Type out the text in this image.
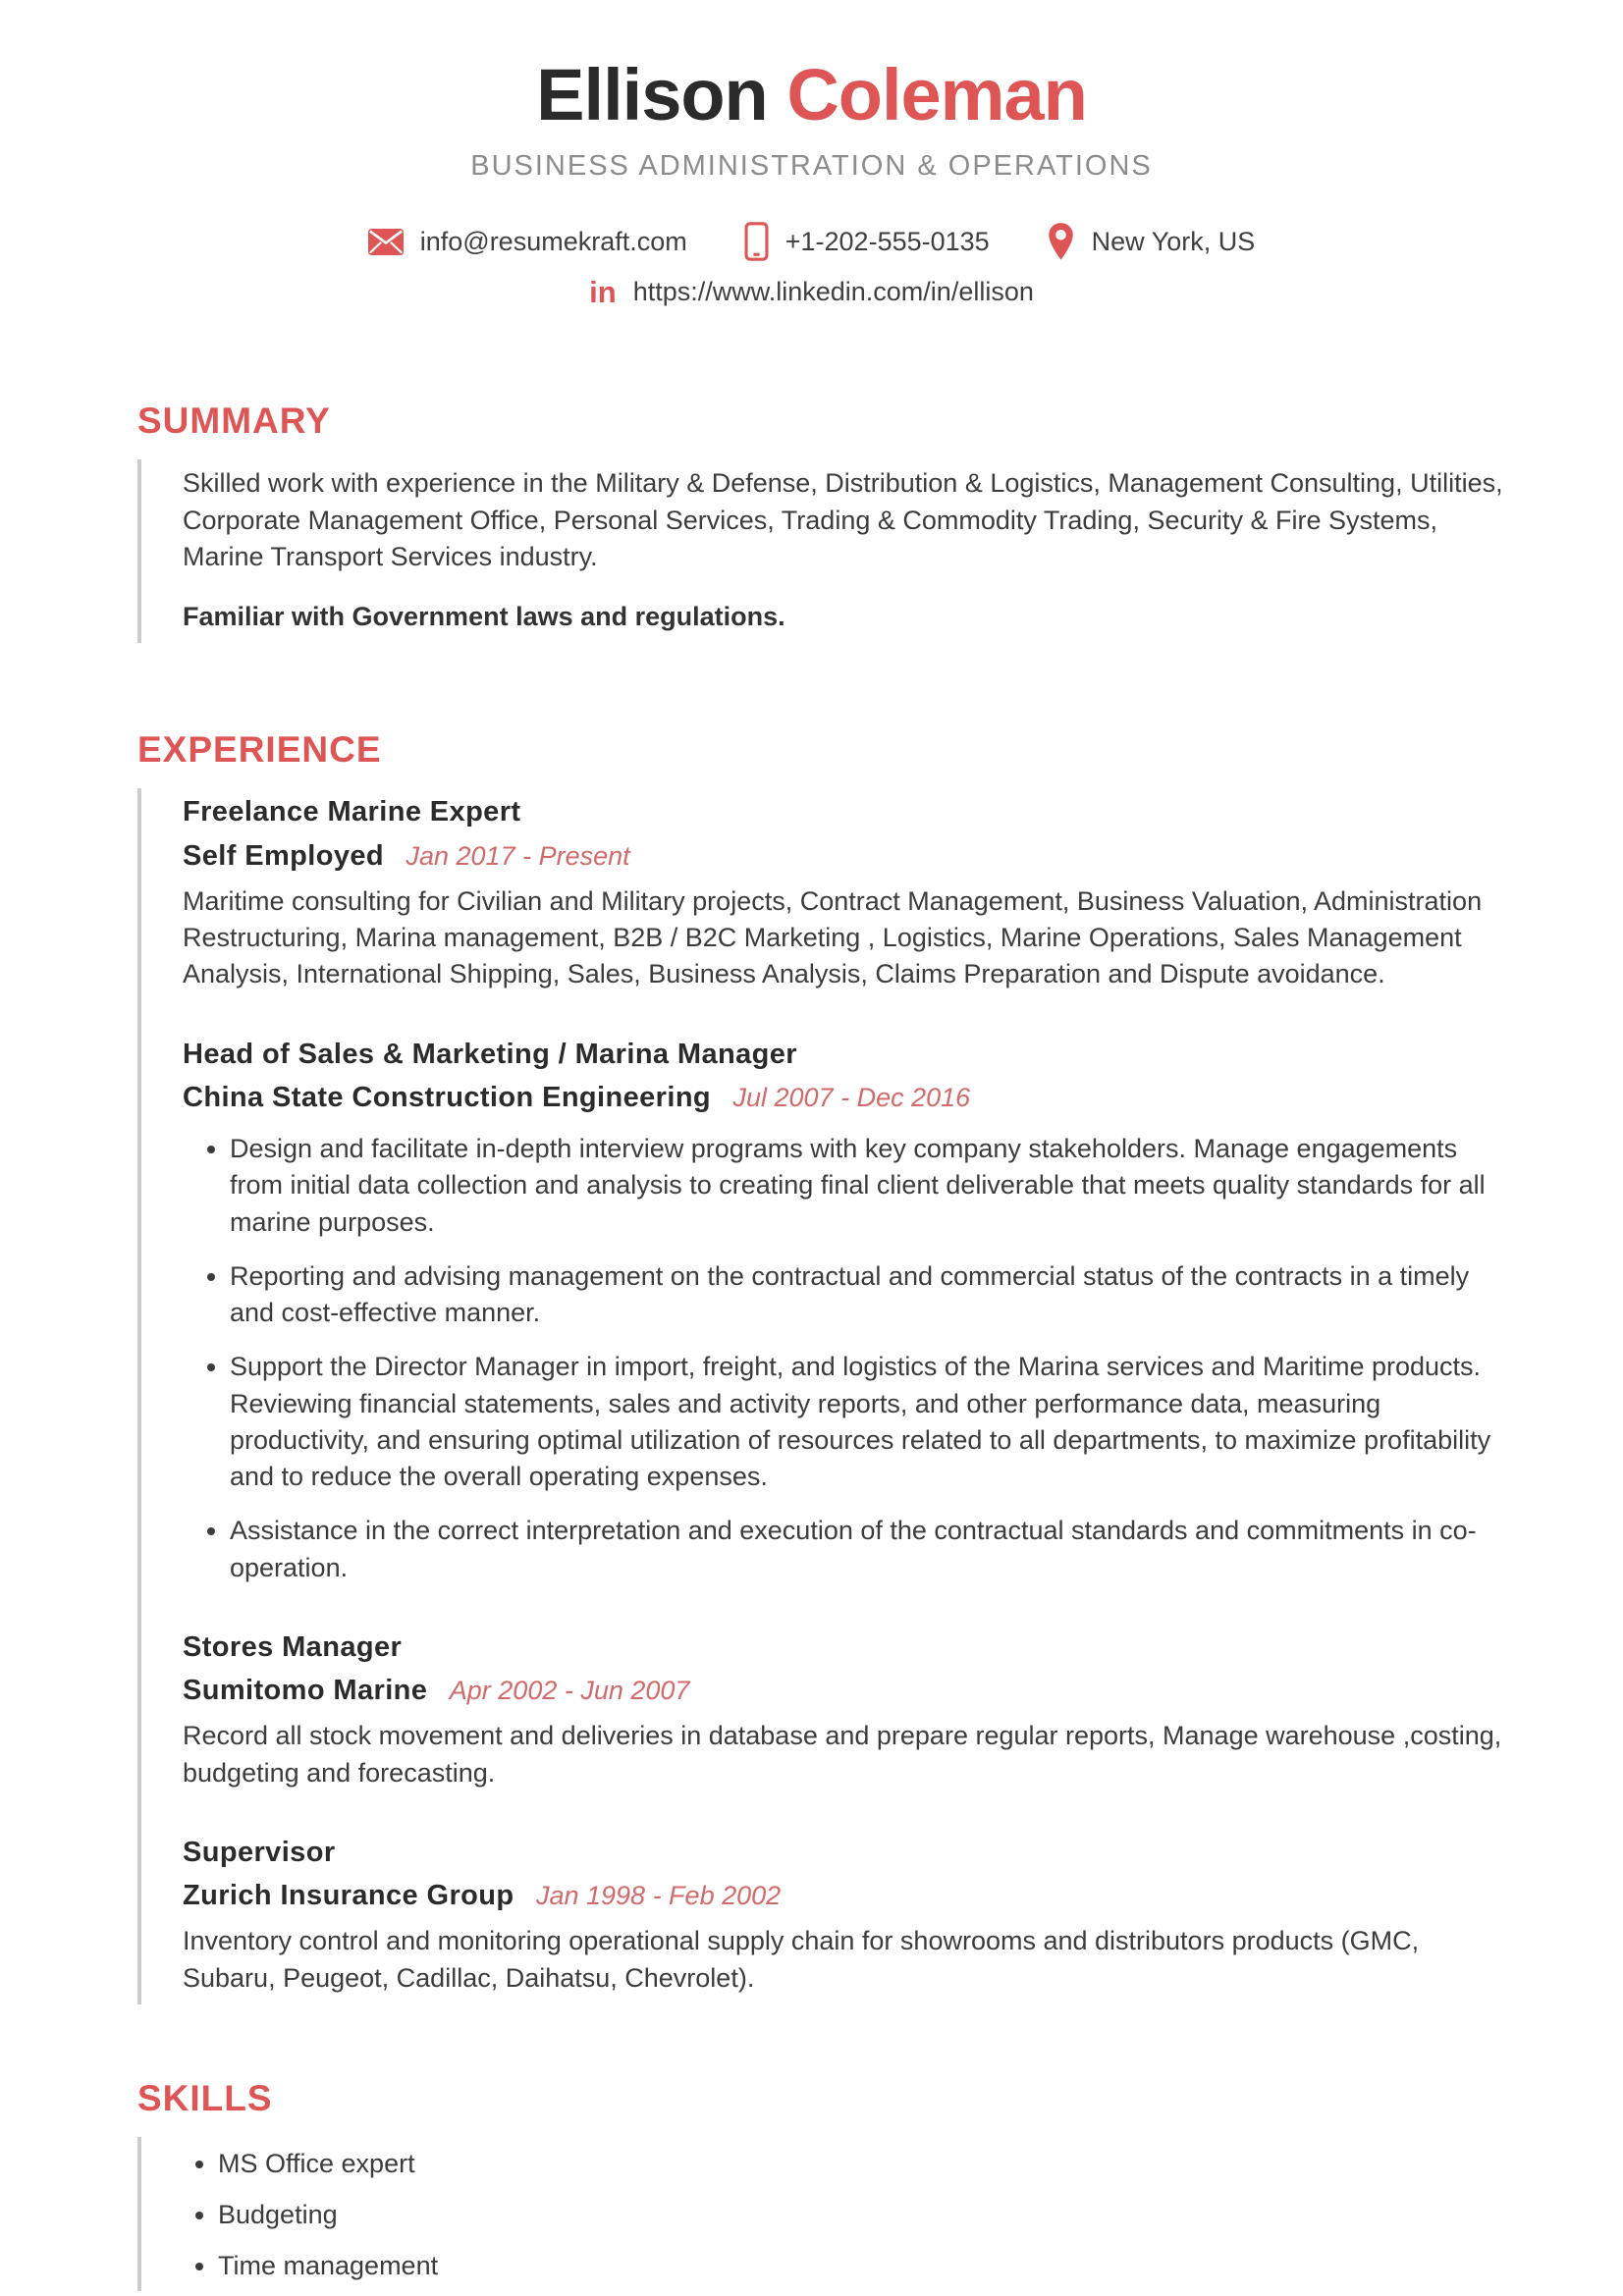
Ellison Coleman
BUSINESS ADMINISTRATION & OPERATIONS
info@resumekraft.com	+1-202-555-0135	New York, US
in https://www.linkedin.com/in/ellison
SUMMARY

Skilled work with experience in the Military & Defense, Distribution & Logistics, Management Consulting, Utilities, Corporate Management Office, Personal Services, Trading & Commodity Trading, Security & Fire Systems, Marine Transport Services industry.

Familiar with Government laws and regulations.

EXPERIENCE
Freelance Marine Expert
Self Employed Jan 2017 - Present

Maritime consulting for Civilian and Military projects, Contract Management, Business Valuation, Administration Restructuring, Marina management, B2B / B2C Marketing , Logistics, Marine Operations, Sales Management Analysis, International Shipping, Sales, Business Analysis, Claims Preparation and Dispute avoidance.

Head of Sales & Marketing / Marina Manager
China State Construction Engineering Jul 2007 - Dec 2016
• Design and facilitate in-depth interview programs with key company stakeholders. Manage engagements from initial data collection and analysis to creating final client deliverable that meets quality standards for all marine purposes.
• Reporting and advising management on the contractual and commercial status of the contracts in a timely and cost-effective manner.
• Support the Director Manager in import, freight, and logistics of the Marina services and Maritime products. Reviewing financial statements, sales and activity reports, and other performance data, measuring productivity, and ensuring optimal utilization of resources related to all departments, to maximize profitability and to reduce the overall operating expenses.
• Assistance in the correct interpretation and execution of the contractual standards and commitments in co-operation.
Stores Manager
Sumitomo Marine Apr 2002 - Jun 2007

Record all stock movement and deliveries in database and prepare regular reports, Manage warehouse ,costing, budgeting and forecasting.

Supervisor
Zurich Insurance Group Jan 1998 - Feb 2002

Inventory control and monitoring operational supply chain for showrooms and distributors products (GMC, Subaru, Peugeot, Cadillac, Daihatsu, Chevrolet).

SKILLS
• MS Office expert
• Budgeting
• Time management
